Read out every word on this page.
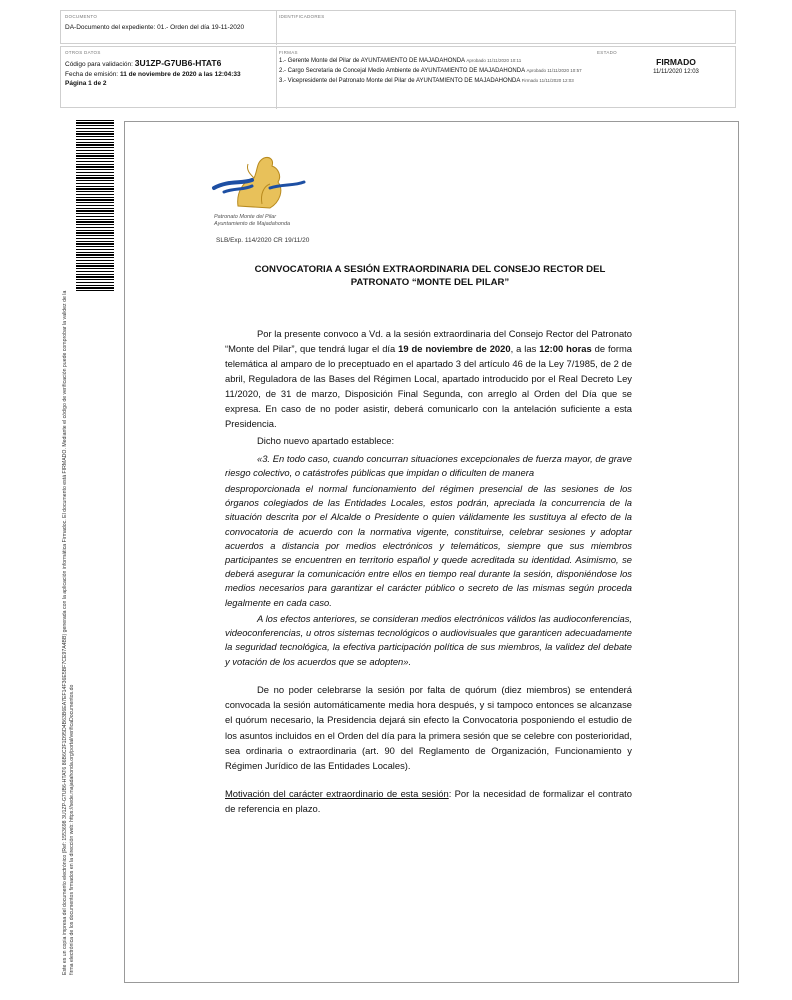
DOCUMENTO
DA-Documento del expediente: 01.- Orden del día 19-11-2020
IDENTIFICADORES
OTROS DATOS
Código para validación: 3U1ZP-G7UB6-HTAT6
Fecha de emisión: 11 de noviembre de 2020 a las 12:04:33
Página 1 de 2
FIRMAS
1.- Gerente Monte del Pilar de AYUNTAMIENTO DE MAJADAHONDA Aprobado 11/11/2020 10:11
2.- Cargo Secretaria de Concejal Medio Ambiente de AYUNTAMIENTO DE MAJADAHONDA Aprobado 11/11/2020 10:57
3.- Vicepresidente del Patronato Monte del Pilar de AYUNTAMIENTO DE MAJADAHONDA Firmado 11/11/2020 12:03
ESTADO
FIRMADO
11/11/2020 12:03
Este es un copia impresa del documento electrónico (Ref: 1553698 3U1ZP-G7UB6-HTAT6 86B6C2F1D95D4B63B6EA7EF14F36E5BF7CE97A4BB) generada con la aplicación informática Firmadoc. El documento está FIRMADO. Mediante el código de verificación puede comprobar la validez de la firma electrónica de los documentos firmados en la dirección web: https://sede.majadahonda.org/portal/verificaDocumentos.do
Patronato Monte del Pilar
Ayuntamiento de Majadahonda
SLB/Exp. 114/2020 CR 19/11/20
CONVOCATORIA A SESIÓN EXTRAORDINARIA DEL CONSEJO RECTOR DEL PATRONATO “MONTE DEL PILAR”

Por la presente convoco a Vd. a la sesión extraordinaria del Consejo Rector del Patronato “Monte del Pilar”, que tendrá lugar el día 19 de noviembre de 2020, a las 12:00 horas de forma telemática al amparo de lo preceptuado en el apartado 3 del artículo 46 de la Ley 7/1985, de 2 de abril, Reguladora de las Bases del Régimen Local, apartado introducido por el Real Decreto Ley 11/2020, de 31 de marzo, Disposición Final Segunda, con arreglo al Orden del Día que se expresa. En caso de no poder asistir, deberá comunicarlo con la antelación suficiente a esta Presidencia.

Dicho nuevo apartado establece:

«3. En todo caso, cuando concurran situaciones excepcionales de fuerza mayor, de grave riesgo colectivo, o catástrofes públicas que impidan o dificulten de manera

desproporcionada el normal funcionamiento del régimen presencial de las sesiones de los órganos colegiados de las Entidades Locales, estos podrán, apreciada la concurrencia de la situación descrita por el Alcalde o Presidente o quien válidamente les sustituya al efecto de la convocatoria de acuerdo con la normativa vigente, constituirse, celebrar sesiones y adoptar acuerdos a distancia por medios electrónicos y telemáticos, siempre que sus miembros participantes se encuentren en territorio español y quede acreditada su identidad. Asimismo, se deberá asegurar la comunicación entre ellos en tiempo real durante la sesión, disponiéndose los medios necesarios para garantizar el carácter público o secreto de las mismas según proceda legalmente en cada caso.

A los efectos anteriores, se consideran medios electrónicos válidos las audioconferencias, videoconferencias, u otros sistemas tecnológicos o audiovisuales que garanticen adecuadamente la seguridad tecnológica, la efectiva participación política de sus miembros, la validez del debate y votación de los acuerdos que se adopten».

De no poder celebrarse la sesión por falta de quórum (diez miembros) se entenderá convocada la sesión automáticamente media hora después, y si tampoco entonces se alcanzase el quórum necesario, la Presidencia dejará sin efecto la Convocatoria posponiendo el estudio de los asuntos incluidos en el Orden del día para la primera sesión que se celebre con posterioridad, sea ordinaria o extraordinaria (art. 90 del Reglamento de Organización, Funcionamiento y Régimen Jurídico de las Entidades Locales).

Motivación del carácter extraordinario de esta sesión: Por la necesidad de formalizar el contrato de referencia en plazo.
